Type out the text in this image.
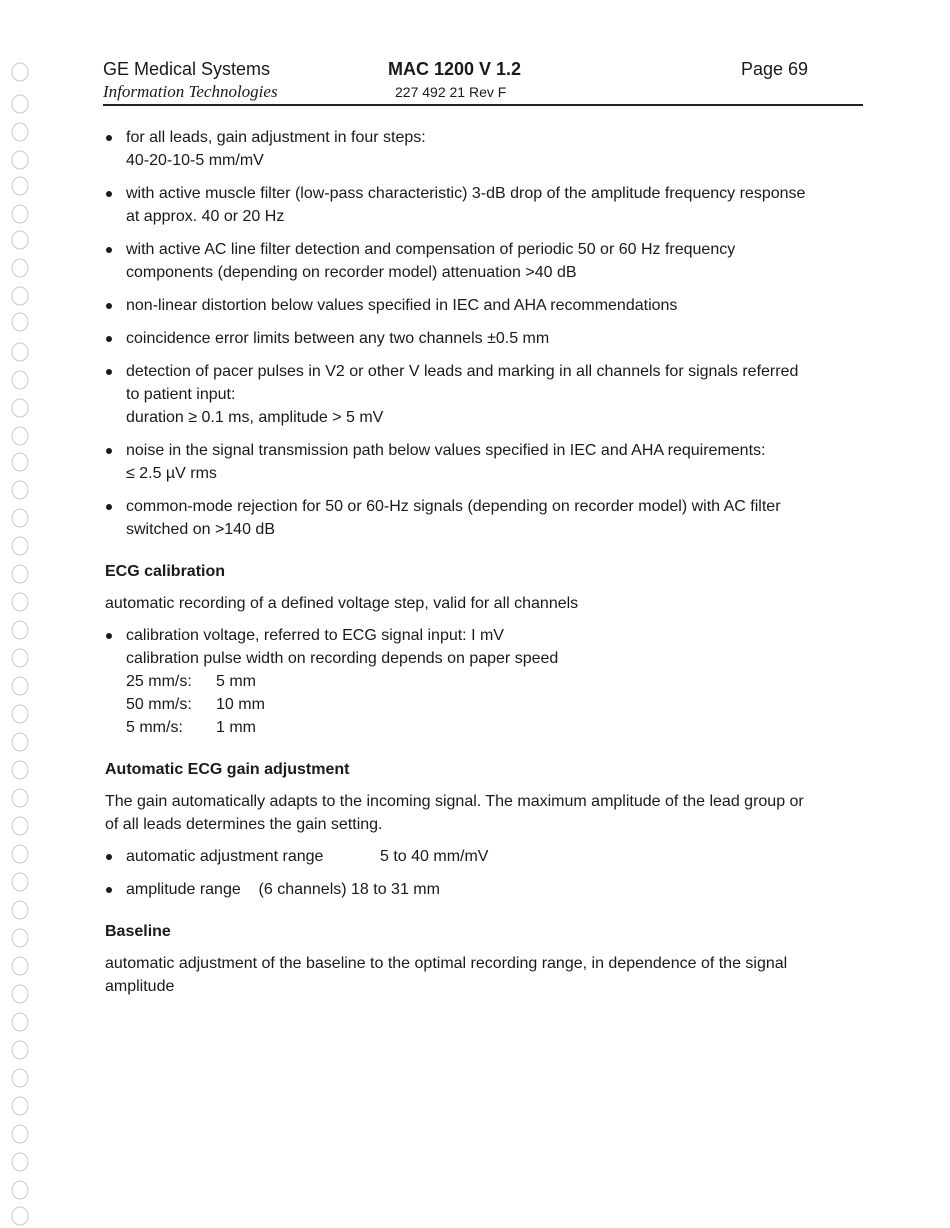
GE Medical Systems
Information Technologies
MAC 1200 V 1.2
227 492 21 Rev F
Page 69
for all leads, gain adjustment in four steps:
40-20-10-5 mm/mV
with active muscle filter (low-pass characteristic) 3-dB drop of the amplitude frequency response
at approx. 40 or 20 Hz
with active AC line filter detection and compensation of periodic 50 or 60 Hz frequency
components (depending on recorder model) attenuation >40 dB
non-linear distortion below values specified in IEC and AHA recommendations
coincidence error limits between any two channels ±0.5 mm
detection of pacer pulses in V2 or other V leads and marking in all channels for signals referred
to patient input:
duration ≥ 0.1 ms, amplitude > 5 mV
noise in the signal transmission path below values specified in IEC and AHA requirements:
≤ 2.5 µV rms
common-mode rejection for 50 or 60-Hz signals (depending on recorder model) with AC filter
switched on >140 dB
ECG calibration

automatic recording of a defined voltage step, valid for all channels

calibration voltage, referred to ECG signal input: I mV
calibration pulse width on recording depends on paper speed
25 mm/s: 5 mm
50 mm/s: 10 mm
5 mm/s: 1 mm
Automatic ECG gain adjustment

The gain automatically adapts to the incoming signal. The maximum amplitude of the lead group or
of all leads determines the gain setting.

automatic adjustment range	5 to 40 mm/mV
amplitude range (6 channels) 18 to 31 mm
Baseline

automatic adjustment of the baseline to the optimal recording range, in dependence of the signal
amplitude
